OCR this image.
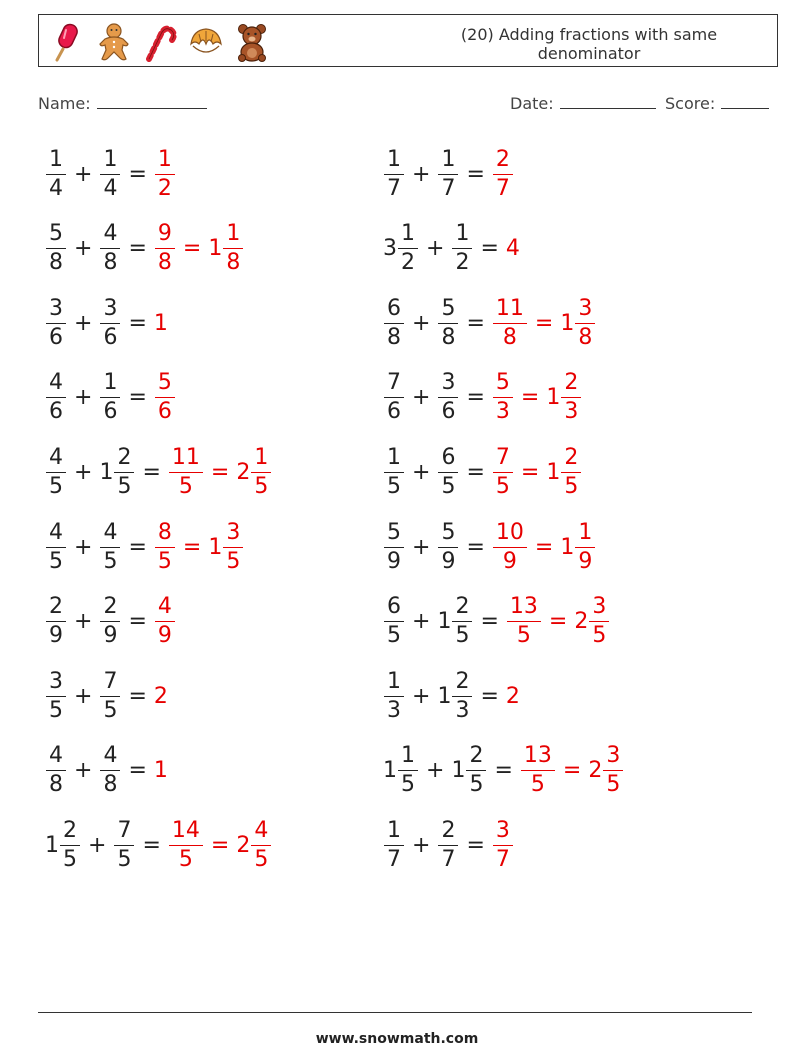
(20) Adding fractions with same denominator
Name:	Date:	Score:
$\frac{1}{4} + \frac{1}{4} = \frac{1}{2}$
$\frac{5}{8} + \frac{4}{8} = \frac{9}{8} = 1 \frac{1}{8}$
$\frac{3}{6} + \frac{3}{6} = 1$
$\frac{4}{6} + \frac{1}{6} = \frac{5}{6}$
$\frac{4}{5} + 1 \frac{2}{5} = \frac{11}{5} = 2 \frac{1}{5}$
$\frac{4}{5} + \frac{4}{5} = \frac{8}{5} = 1 \frac{3}{5}$
$\frac{2}{9} + \frac{2}{9} = \frac{4}{9}$
$\frac{3}{5} + \frac{7}{5} = 2$
$\frac{4}{8} + \frac{4}{8} = 1$
$1 \frac{2}{5} + \frac{7}{5} = \frac{14}{5} = 2 \frac{4}{5}$
$\frac{1}{7} + \frac{1}{7} = \frac{2}{7}$
$3 \frac{1}{2} + \frac{1}{2} = 4$
$\frac{6}{8} + \frac{5}{8} = \frac{11}{8} = 1 \frac{3}{8}$
$\frac{7}{6} + \frac{3}{6} = \frac{5}{3} = 1 \frac{2}{3}$
$\frac{1}{5} + \frac{6}{5} = \frac{7}{5} = 1 \frac{2}{5}$
$\frac{5}{9} + \frac{5}{9} = \frac{10}{9} = 1 \frac{1}{9}$
$\frac{6}{5} + 1 \frac{2}{5} = \frac{13}{5} = 2 \frac{3}{5}$
$\frac{1}{3} + 1 \frac{2}{3} = 2$
$1 \frac{1}{5} + 1 \frac{2}{5} = \frac{13}{5} = 2 \frac{3}{5}$
$\frac{1}{7} + \frac{2}{7} = \frac{3}{7}$
www.snowmath.com
